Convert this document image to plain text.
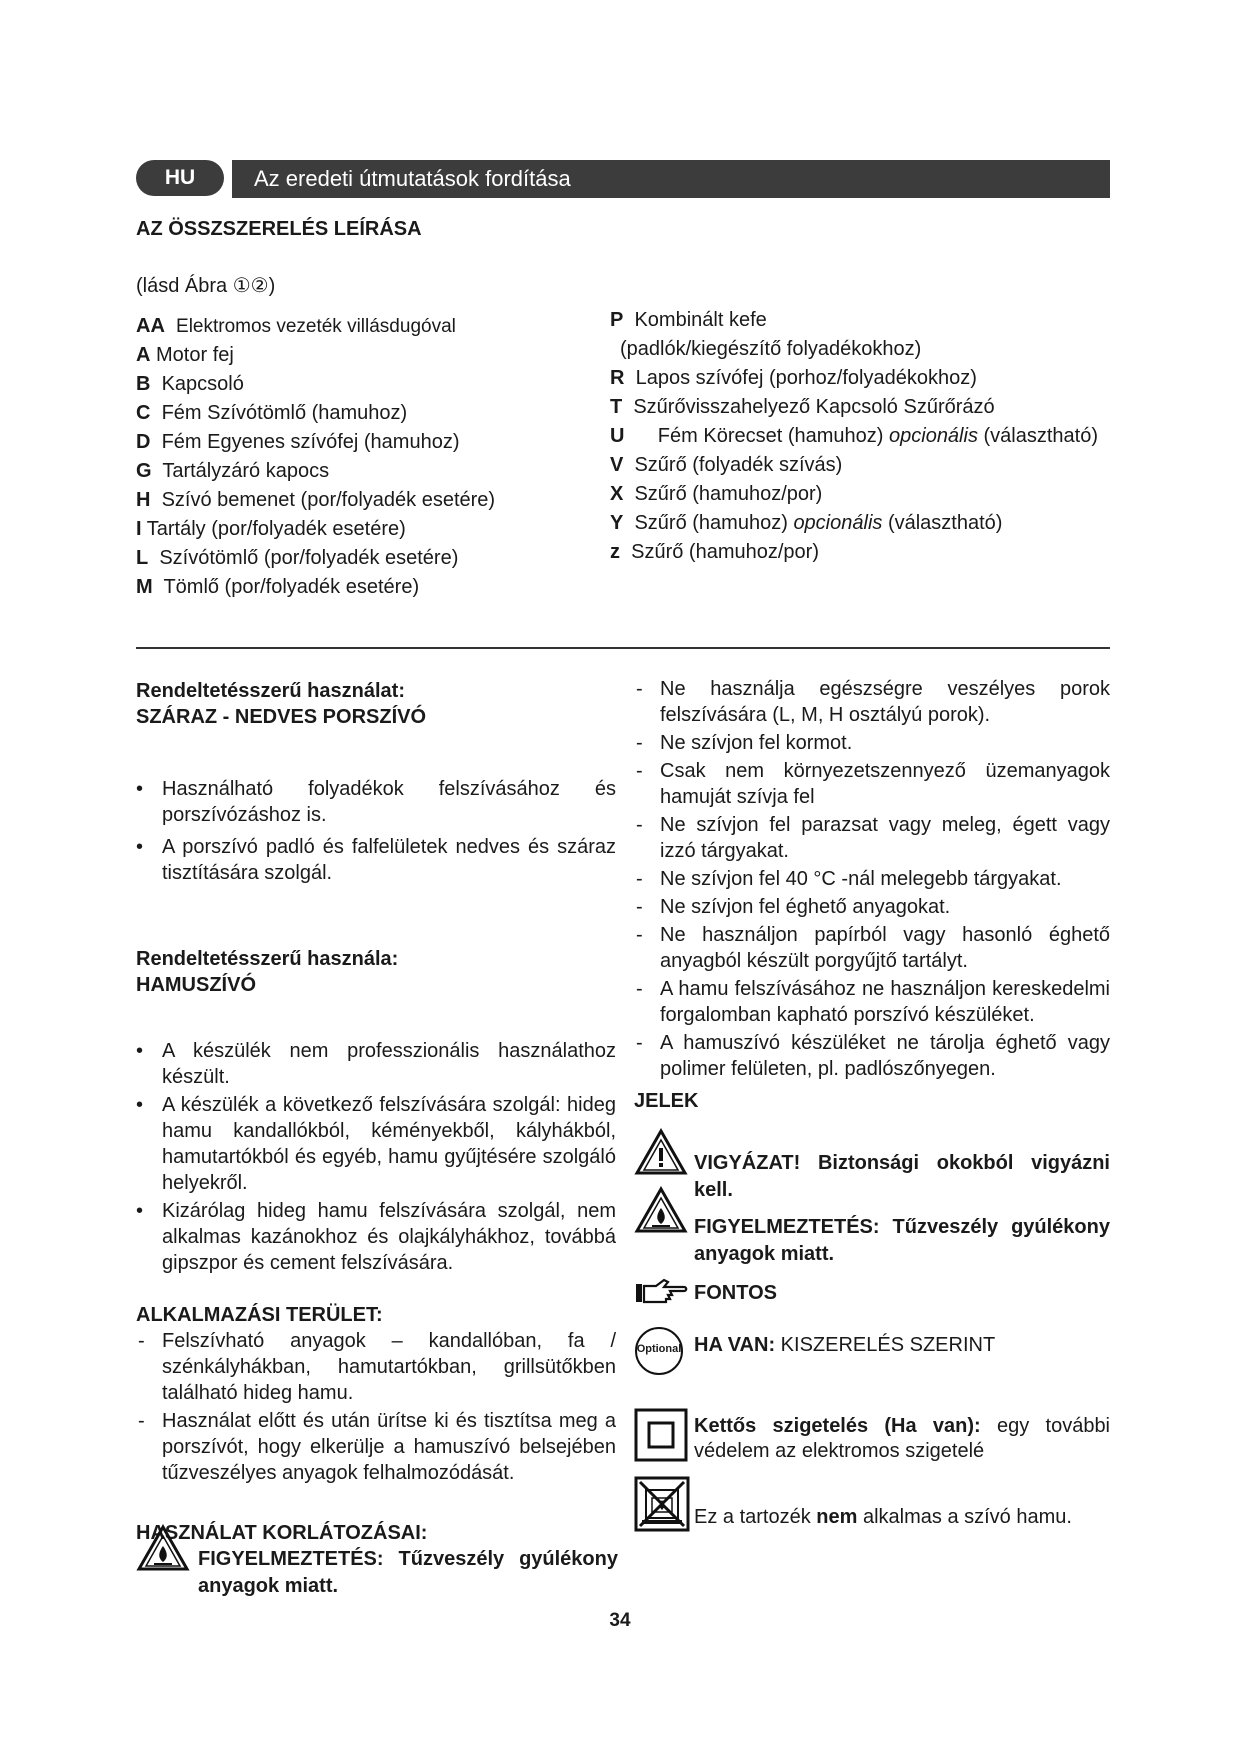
HU	Az eredeti útmutatások fordítása
AZ ÖSSZSZERELÉS LEÍRÁSA
(lásd Ábra ①②)
AA Elektromos vezeték villásdugóval
A Motor fej
B Kapcsoló
C Fém Szívótömlő (hamuhoz)
D Fém Egyenes szívófej (hamuhoz)
G Tartályzáró kapocs
H Szívó bemenet (por/folyadék esetére)
I Tartály (por/folyadék esetére)
L Szívótömlő (por/folyadék esetére)
M Tömlő (por/folyadék esetére)
P Kombinált kefe
(padlók/kiegészítő folyadékokhoz)
R Lapos szívófej (porhoz/folyadékokhoz)
T Szűrővisszahelyező Kapcsoló Szűrőrázó
U Fém Körecset (hamuhoz) opcionális (választható)
V Szűrő (folyadék szívás)
X Szűrő (hamuhoz/por)
Y Szűrő (hamuhoz) opcionális (választható)
z Szűrő (hamuhoz/por)
Rendeltetésszerű használat:
SZÁRAZ - NEDVES PORSZÍVÓ
• Használható folyadékok felszívásához és porszívózáshoz is.
• A porszívó padló és falfelületek nedves és száraz tisztítására szolgál.
Rendeltetésszerű használa:
HAMUSZÍVÓ
• A készülék nem professzionális használathoz készült.
• A készülék a következő felszívására szolgál: hideg hamu kandallókból, kéményekből, kályhákból, hamutartókból és egyéb, hamu gyűjtésére szolgáló helyekről.
• Kizárólag hideg hamu felszívására szolgál, nem alkalmas kazánokhoz és olajkályhákhoz, továbbá gipszpor és cement felszívására.
ALKALMAZÁSI TERÜLET:
- Felszívható anyagok – kandallóban, fa / szénkályhákban, hamutartókban, grillsütőkben található hideg hamu.
- Használat előtt és után ürítse ki és tisztítsa meg a porszívót, hogy elkerülje a hamuszívó belsejében tűzveszélyes anyagok felhalmozódását.
HASZNÁLAT KORLÁTOZÁSAI:
FIGYELMEZTETÉS: Tűzveszély gyúlékony anyagok miatt.
- Ne használja egészségre veszélyes porok felszívására (L, M, H osztályú porok).
- Ne szívjon fel kormot.
- Csak nem környezetszennyező üzemanyagok hamuját szívja fel
- Ne szívjon fel parazsat vagy meleg, égett vagy izzó tárgyakat.
- Ne szívjon fel 40 °C -nál melegebb tárgyakat.
- Ne szívjon fel éghető anyagokat.
- Ne használjon papírból vagy hasonló éghető anyagból készült porgyűjtő tartályt.
- A hamu felszívásához ne használjon kereskedelmi forgalomban kapható porszívó készüléket.
- A hamuszívó készüléket ne tárolja éghető vagy polimer felületen, pl. padlószőnyegen.
JELEK
VIGYÁZAT! Biztonsági okokból vigyázni kell.
FIGYELMEZTETÉS: Tűzveszély gyúlékony anyagok miatt.
FONTOS
Optional HA VAN: KISZERELÉS SZERINT
Kettős szigetelés (Ha van): egy további védelem az elektromos szigetelé
Ez a tartozék nem alkalmas a szívó hamu.
34
